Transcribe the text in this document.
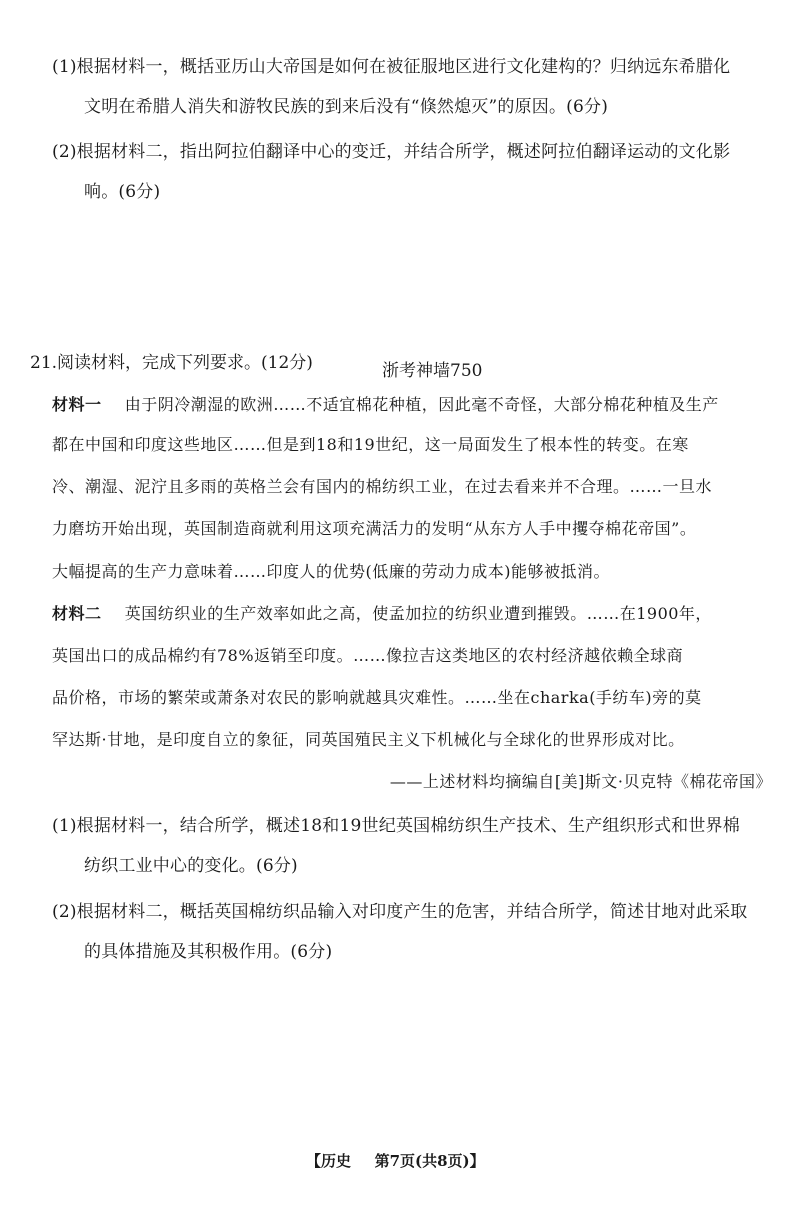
(1)根据材料一，概括亚历山大帝国是如何在被征服地区进行文化建构的？归纳远东希腊化
文明在希腊人消失和游牧民族的到来后没有“倏然熄灭”的原因。(6分)
(2)根据材料二，指出阿拉伯翻译中心的变迁，并结合所学，概述阿拉伯翻译运动的文化影
响。(6分)
21.阅读材料，完成下列要求。(12分)	浙考神墙750
材料一 由于阴冷潮湿的欧洲……不适宜棉花种植，因此毫不奇怪，大部分棉花种植及生产
都在中国和印度这些地区……但是到18和19世纪，这一局面发生了根本性的转变。在寒
冷、潮湿、泥泞且多雨的英格兰会有国内的棉纺织工业，在过去看来并不合理。……一旦水
力磨坊开始出现，英国制造商就利用这项充满活力的发明“从东方人手中攫夺棉花帝国”。
大幅提高的生产力意味着……印度人的优势(低廉的劳动力成本)能够被抵消。
材料二 英国纺织业的生产效率如此之高，使孟加拉的纺织业遭到摧毁。……在1900年，
英国出口的成品棉约有78%返销至印度。……像拉吉这类地区的农村经济越依赖全球商
品价格，市场的繁荣或萧条对农民的影响就越具灾难性。……坐在charka(手纺车)旁的莫
罕达斯·甘地，是印度自立的象征，同英国殖民主义下机械化与全球化的世界形成对比。
——上述材料均摘编自[美]斯文·贝克特《棉花帝国》
(1)根据材料一，结合所学，概述18和19世纪英国棉纺织生产技术、生产组织形式和世界棉
纺织工业中心的变化。(6分)
(2)根据材料二，概括英国棉纺织品输入对印度产生的危害，并结合所学，简述甘地对此采取
的具体措施及其积极作用。(6分)
【历史 第7页(共8页)】
